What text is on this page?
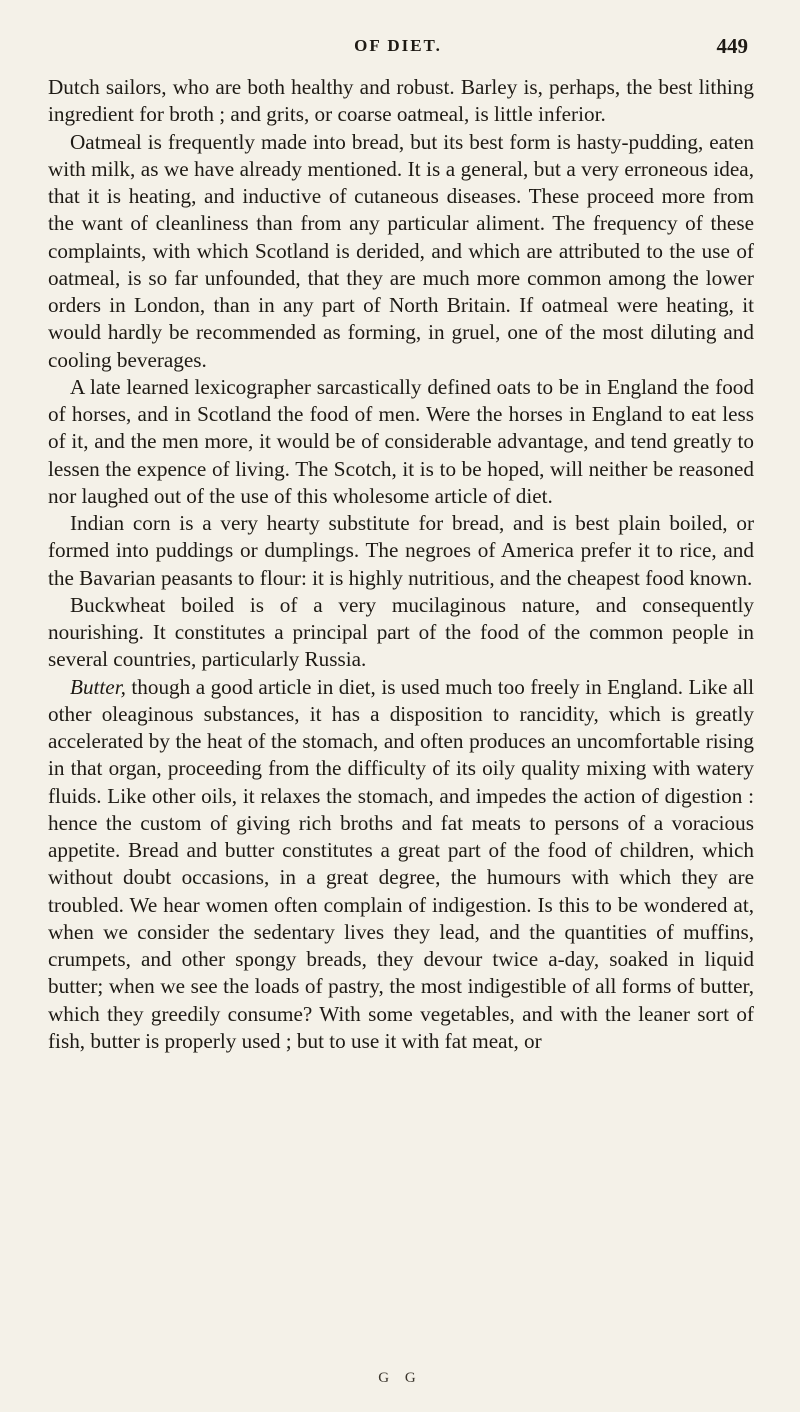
OF DIET.	449

Dutch sailors, who are both healthy and robust. Barley is, perhaps, the best lithing ingredient for broth ; and grits, or coarse oatmeal, is little inferior.

Oatmeal is frequently made into bread, but its best form is hasty-pudding, eaten with milk, as we have already mentioned. It is a general, but a very erroneous idea, that it is heating, and inductive of cutaneous diseases. These proceed more from the want of cleanliness than from any particular aliment. The frequency of these complaints, with which Scotland is derided, and which are attributed to the use of oatmeal, is so far unfounded, that they are much more common among the lower orders in London, than in any part of North Britain. If oatmeal were heating, it would hardly be recommended as forming, in gruel, one of the most diluting and cooling beverages.

A late learned lexicographer sarcastically defined oats to be in England the food of horses, and in Scotland the food of men. Were the horses in England to eat less of it, and the men more, it would be of considerable advantage, and tend greatly to lessen the expence of living. The Scotch, it is to be hoped, will neither be reasoned nor laughed out of the use of this wholesome article of diet.

Indian corn is a very hearty substitute for bread, and is best plain boiled, or formed into puddings or dumplings. The negroes of America prefer it to rice, and the Bavarian peasants to flour: it is highly nutritious, and the cheapest food known.

Buckwheat boiled is of a very mucilaginous nature, and consequently nourishing. It constitutes a principal part of the food of the common people in several countries, particularly Russia.

Butter, though a good article in diet, is used much too freely in England. Like all other oleaginous substances, it has a disposition to rancidity, which is greatly accelerated by the heat of the stomach, and often produces an uncomfortable rising in that organ, proceeding from the difficulty of its oily quality mixing with watery fluids. Like other oils, it relaxes the stomach, and impedes the action of digestion : hence the custom of giving rich broths and fat meats to persons of a voracious appetite. Bread and butter constitutes a great part of the food of children, which without doubt occasions, in a great degree, the humours with which they are troubled. We hear women often complain of indigestion. Is this to be wondered at, when we consider the sedentary lives they lead, and the quantities of muffins, crumpets, and other spongy breads, they devour twice a-day, soaked in liquid butter; when we see the loads of pastry, the most indigestible of all forms of butter, which they greedily consume? With some vegetables, and with the leaner sort of fish, butter is properly used ; but to use it with fat meat, or

G G
